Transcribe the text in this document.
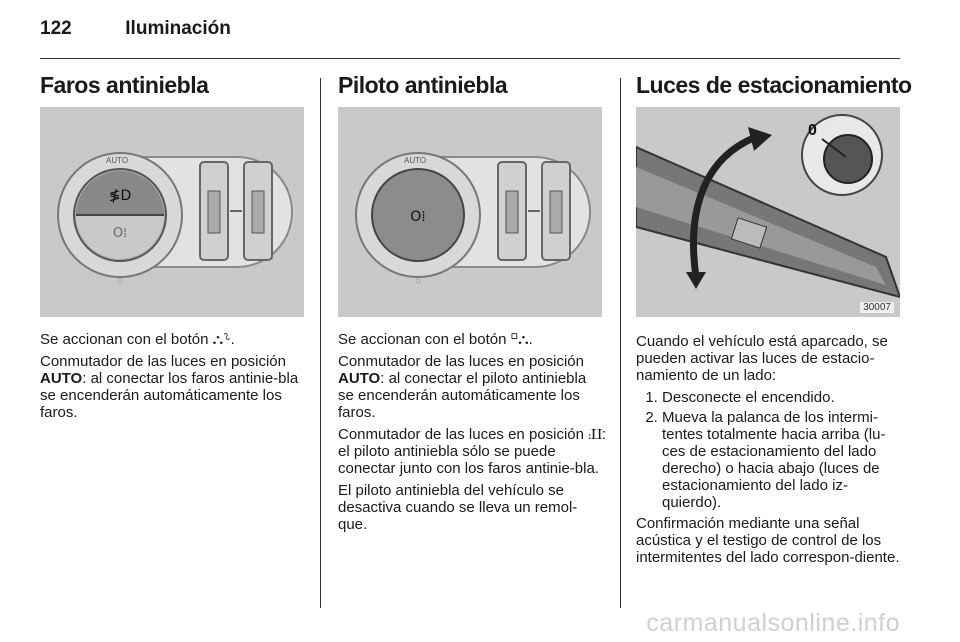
122	Iluminación
Faros antiniebla
≸D
O⁞
AUTO
☼

Se accionan con el botón ⛬⸊.

Conmutador de las luces en posición AUTO: al conectar los faros antinie-bla se encenderán automáticamente los faros.

Piloto antiniebla
O⁞
AUTO
☼

Se accionan con el botón ⸋⛬.

Conmutador de las luces en posición AUTO: al conectar el piloto antiniebla se encenderán automáticamente los faros.

Conmutador de las luces en posición ⨾⨿: el piloto antiniebla sólo se puede conectar junto con los faros antinie-bla.

El piloto antiniebla del vehículo se desactiva cuando se lleva un remol-que.

Luces de estacionamiento
0
30007

Cuando el vehículo está aparcado, se pueden activar las luces de estacio-namiento de un lado:

1. Desconecte el encendido.
2. Mueva la palanca de los intermi-tentes totalmente hacia arriba (lu-ces de estacionamiento del lado derecho) o hacia abajo (luces de estacionamiento del lado iz-quierdo).

Confirmación mediante una señal acústica y el testigo de control de los intermitentes del lado correspon-diente.

carmanualsonline.info
